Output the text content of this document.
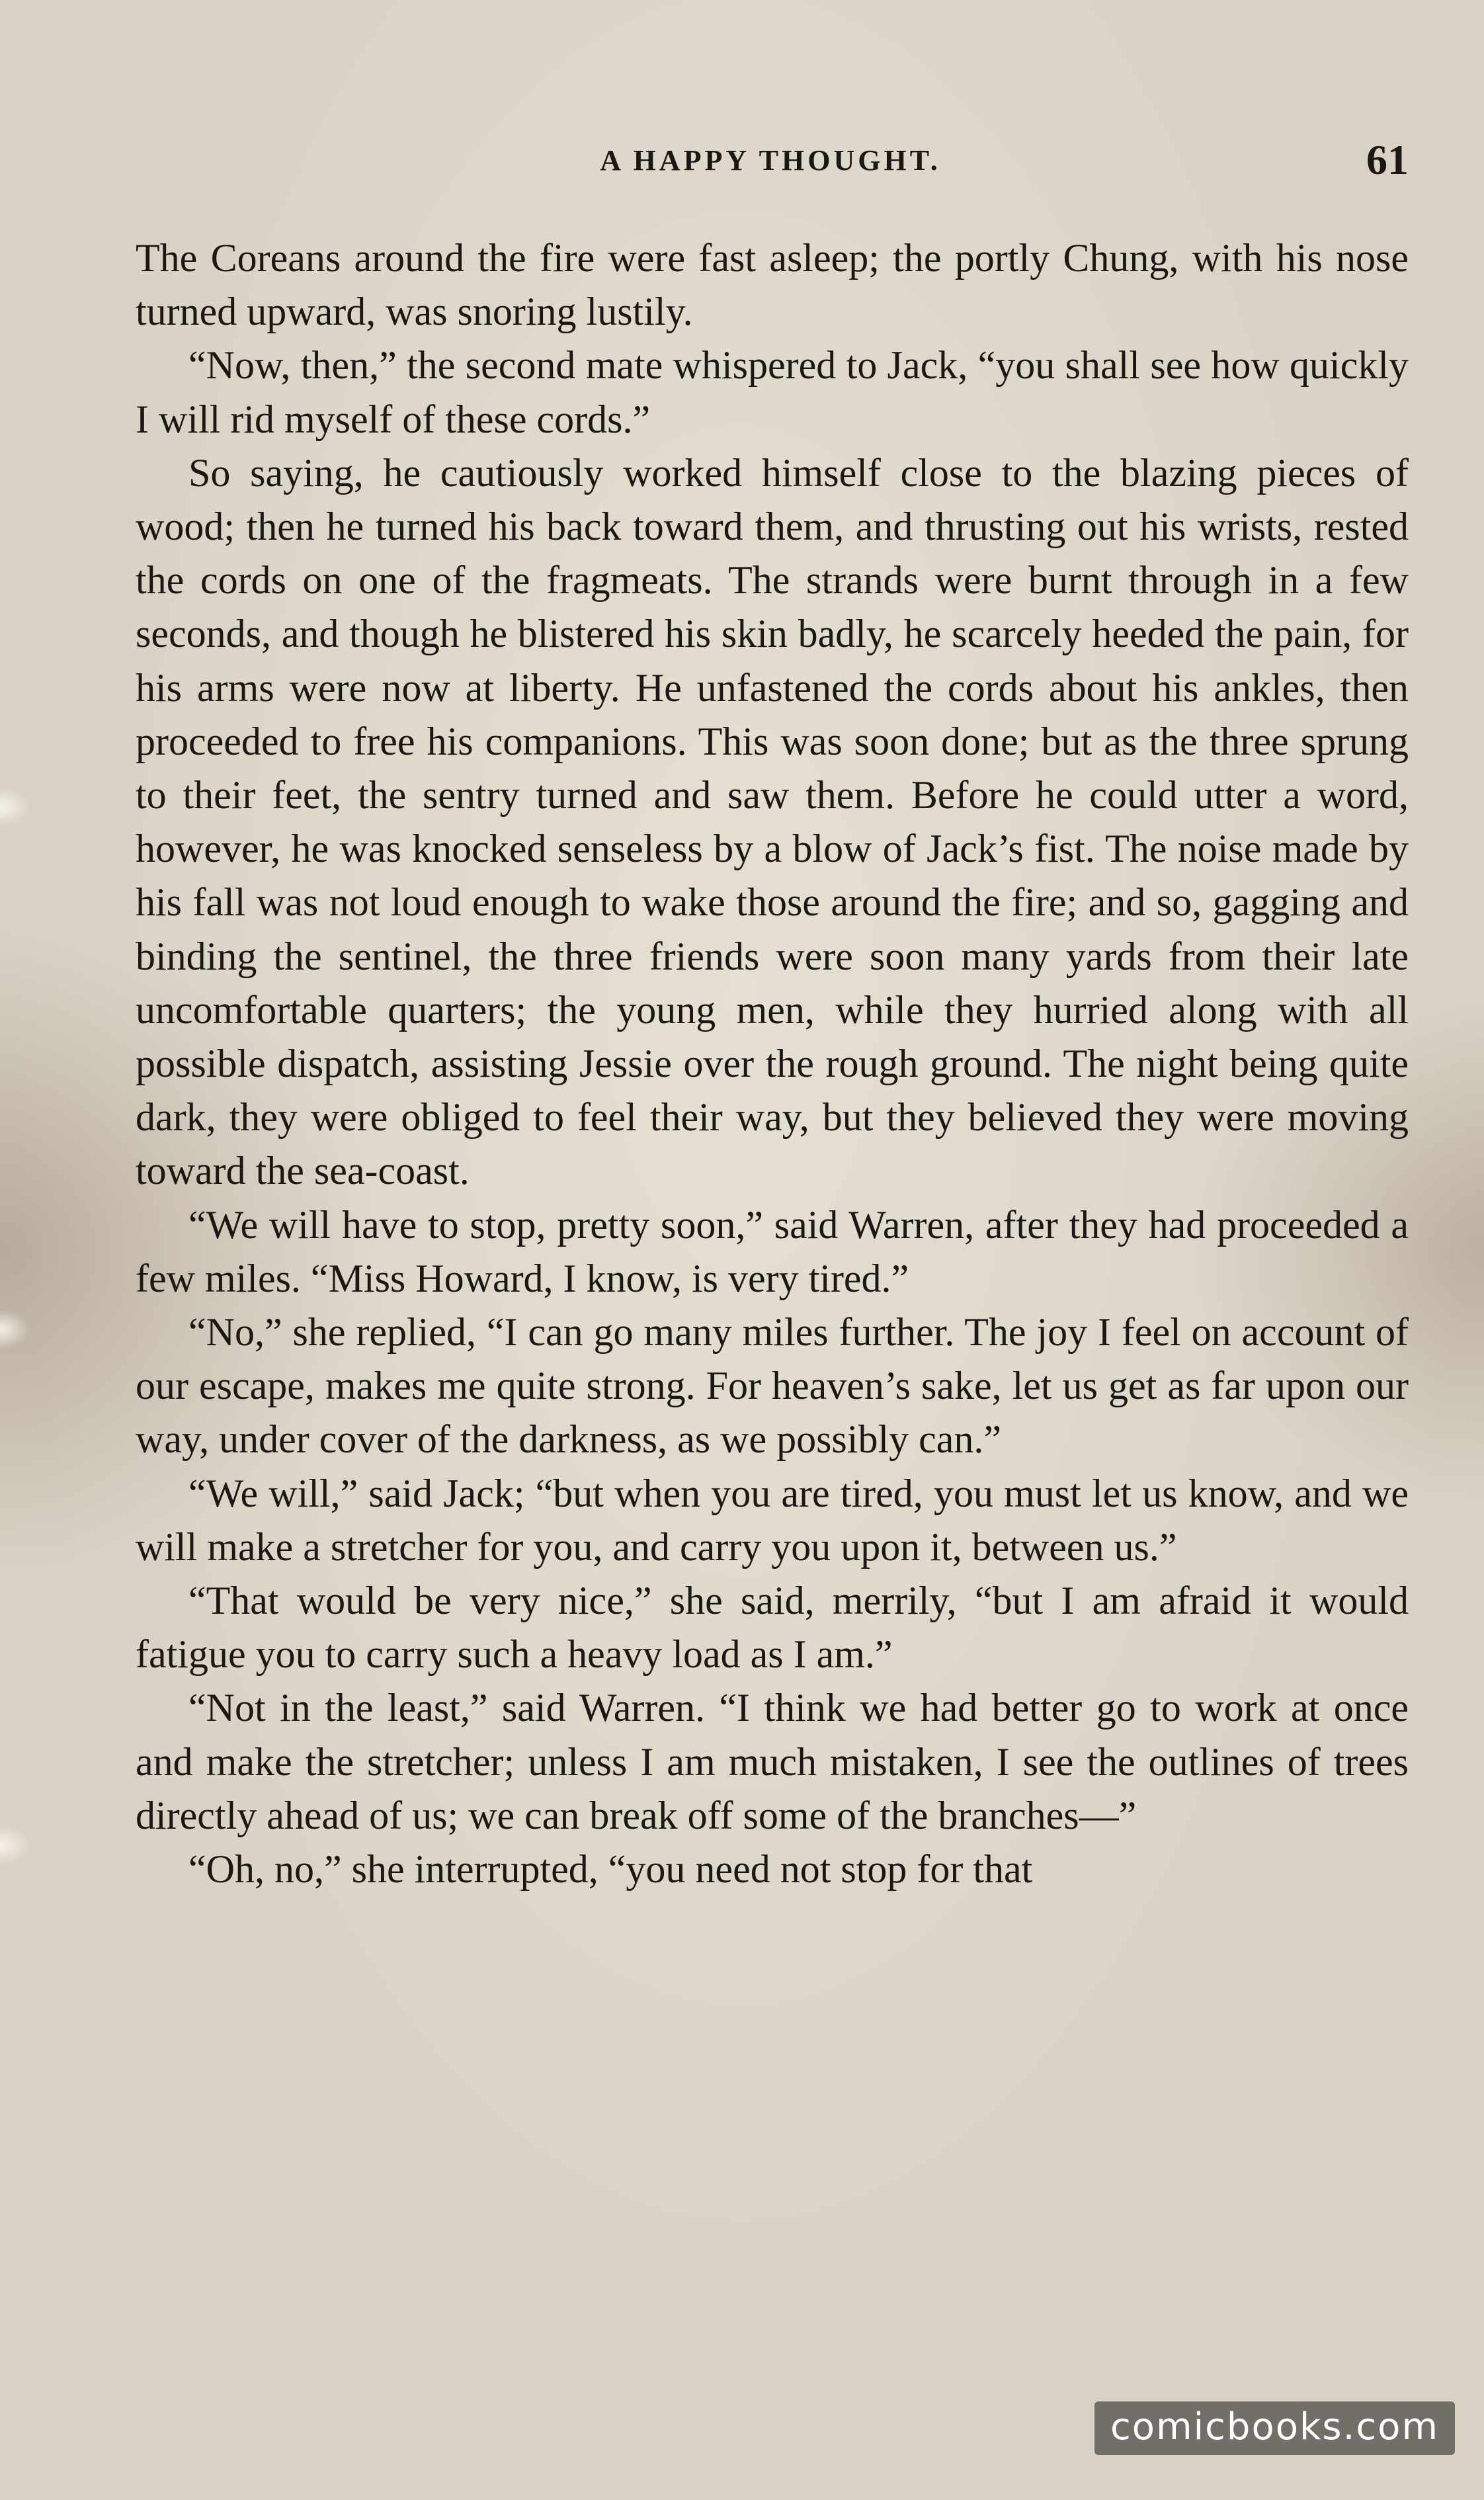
A HAPPY THOUGHT.	61

The Coreans around the fire were fast asleep; the portly Chung, with his nose turned upward, was snoring lustily.

“Now, then,” the second mate whispered to Jack, “you shall see how quickly I will rid myself of these cords.”

So saying, he cautiously worked himself close to the blazing pieces of wood; then he turned his back toward them, and thrusting out his wrists, rested the cords on one of the fragmeats. The strands were burnt through in a few seconds, and though he blistered his skin badly, he scarcely heeded the pain, for his arms were now at liberty. He unfastened the cords about his ankles, then proceeded to free his companions. This was soon done; but as the three sprung to their feet, the sentry turned and saw them. Before he could utter a word, however, he was knocked senseless by a blow of Jack’s fist. The noise made by his fall was not loud enough to wake those around the fire; and so, gagging and binding the sentinel, the three friends were soon many yards from their late uncomfortable quarters; the young men, while they hurried along with all possible dispatch, assisting Jessie over the rough ground. The night being quite dark, they were obliged to feel their way, but they believed they were moving toward the sea-coast.

“We will have to stop, pretty soon,” said Warren, after they had proceeded a few miles. “Miss Howard, I know, is very tired.”

“No,” she replied, “I can go many miles further. The joy I feel on account of our escape, makes me quite strong. For heaven’s sake, let us get as far upon our way, under cover of the darkness, as we possibly can.”

“We will,” said Jack; “but when you are tired, you must let us know, and we will make a stretcher for you, and carry you upon it, between us.”

“That would be very nice,” she said, merrily, “but I am afraid it would fatigue you to carry such a heavy load as I am.”

“Not in the least,” said Warren. “I think we had better go to work at once and make the stretcher; unless I am much mistaken, I see the outlines of trees directly ahead of us; we can break off some of the branches—”

“Oh, no,” she interrupted, “you need not stop for that

comicbooks.com
